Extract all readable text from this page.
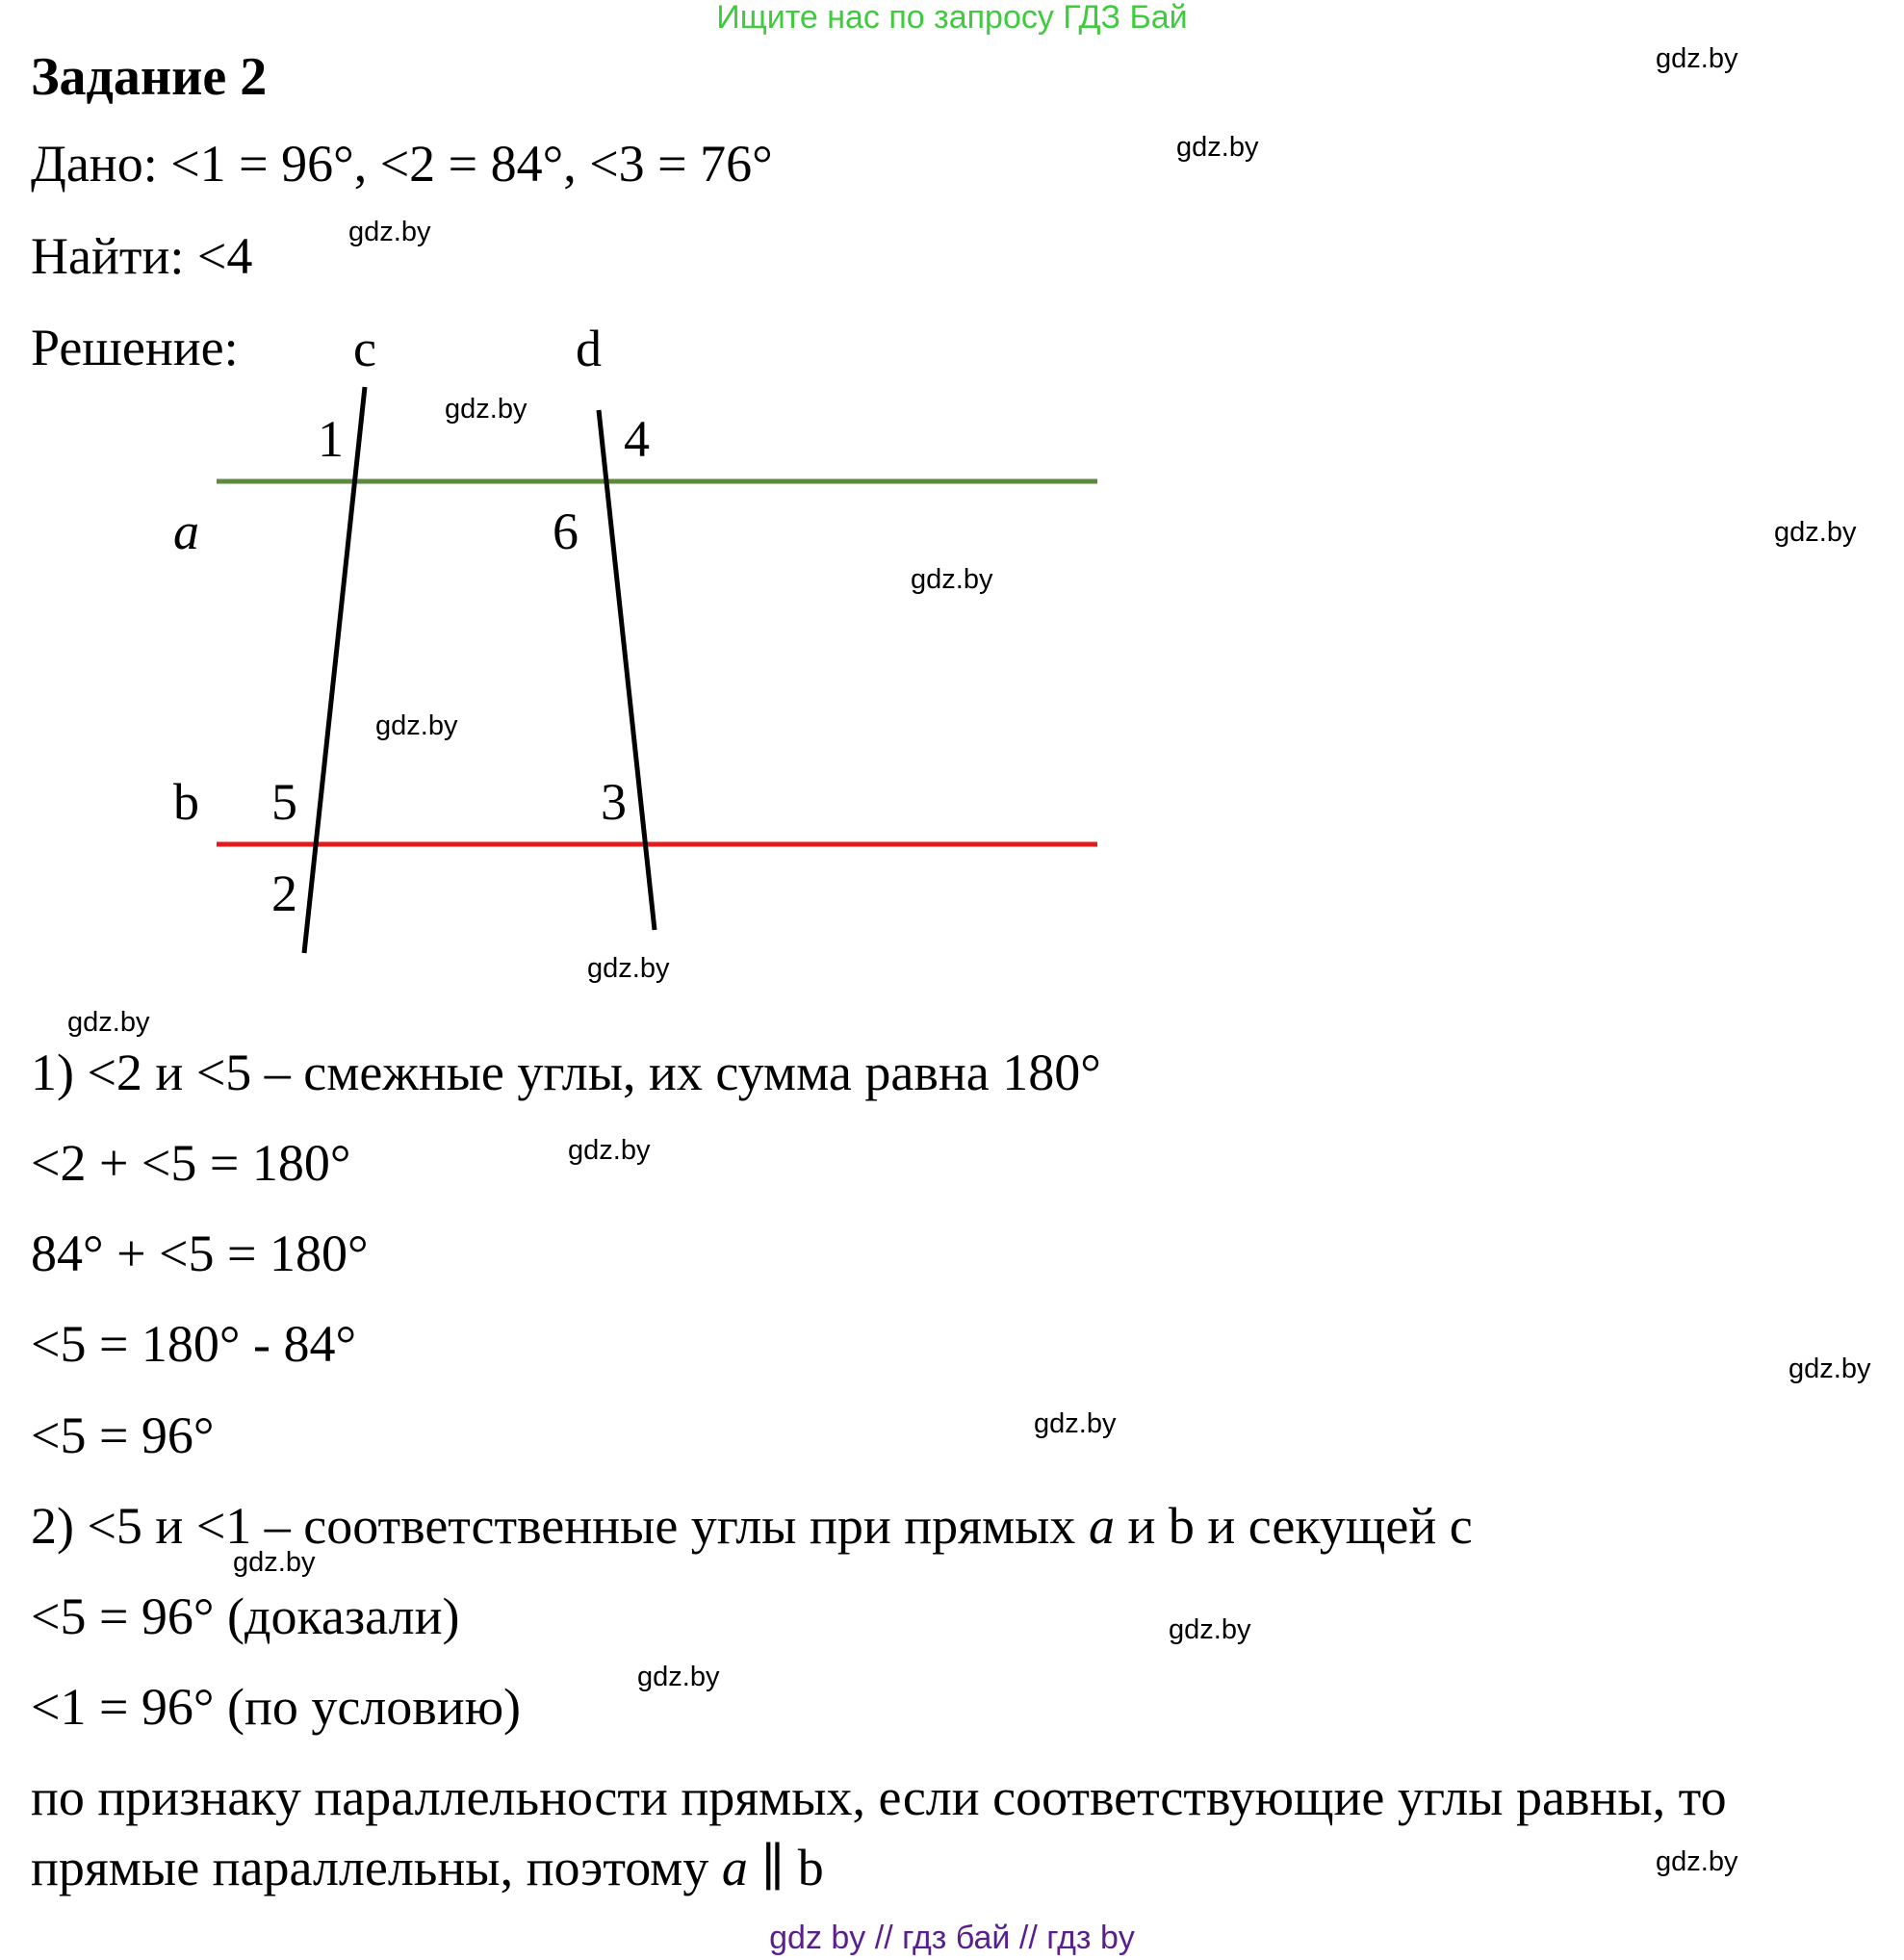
Ищите нас по запросу ГДЗ Бай
Задание 2
Дано: <1 = 96°, <2 = 84°, <3 = 76°
Найти: <4
Решение: c	d
a
b
1	4
6
5	3
2
1) <2 и <5 – смежные углы, их сумма равна 180°
<2 + <5 = 180°
84° + <5 = 180°
<5 = 180° - 84°
<5 = 96°
2) <5 и <1 – соответственные углы при прямых a и b и секущей c
<5 = 96° (доказали)
<1 = 96° (по условию)
по признаку параллельности прямых, если соответствующие углы равны, то
прямые параллельны, поэтому a ∥ b
gdz.by
gdz.by
gdz.by
gdz.by
gdz.by
gdz.by
gdz.by
gdz.by
gdz.by
gdz.by
gdz.by
gdz.by
gdz.by
gdz.by
gdz.by
gdz.by
gdz by // гдз бай // гдз by
